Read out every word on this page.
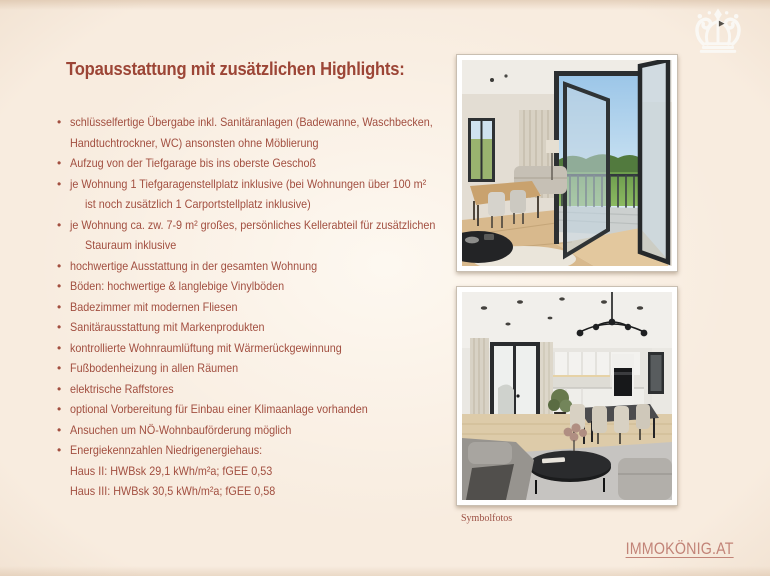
Topausstattung mit zusätzlichen Highlights:
• schlüsselfertige Übergabe inkl. Sanitäranlagen (Badewanne, Waschbecken,
Handtuchtrockner, WC) ansonsten ohne Möblierung
• Aufzug von der Tiefgarage bis ins oberste Geschoß
• je Wohnung 1 Tiefgaragenstellplatz inklusive (bei Wohnungen über 100 m²
ist noch zusätzlich 1 Carportstellplatz inklusive)
• je Wohnung ca. zw. 7-9 m² großes, persönliches Kellerabteil für zusätzlichen
Stauraum inklusive
• hochwertige Ausstattung in der gesamten Wohnung
• Böden: hochwertige & langlebige Vinylböden
• Badezimmer mit modernen Fliesen
• Sanitärausstattung mit Markenprodukten
• kontrollierte Wohnraumlüftung mit Wärmerückgewinnung
• Fußbodenheizung in allen Räumen
• elektrische Raffstores
• optional Vorbereitung für Einbau einer Klimaanlage vorhanden
• Ansuchen um NÖ-Wohnbauförderung möglich
• Energiekennzahlen Niedrigenergiehaus:
Haus II: HWBsk 29,1 kWh/m²a; fGEE 0,53
Haus III: HWBsk 30,5 kWh/m²a; fGEE 0,58
Symbolfotos
IMMOKÖNIG.AT
